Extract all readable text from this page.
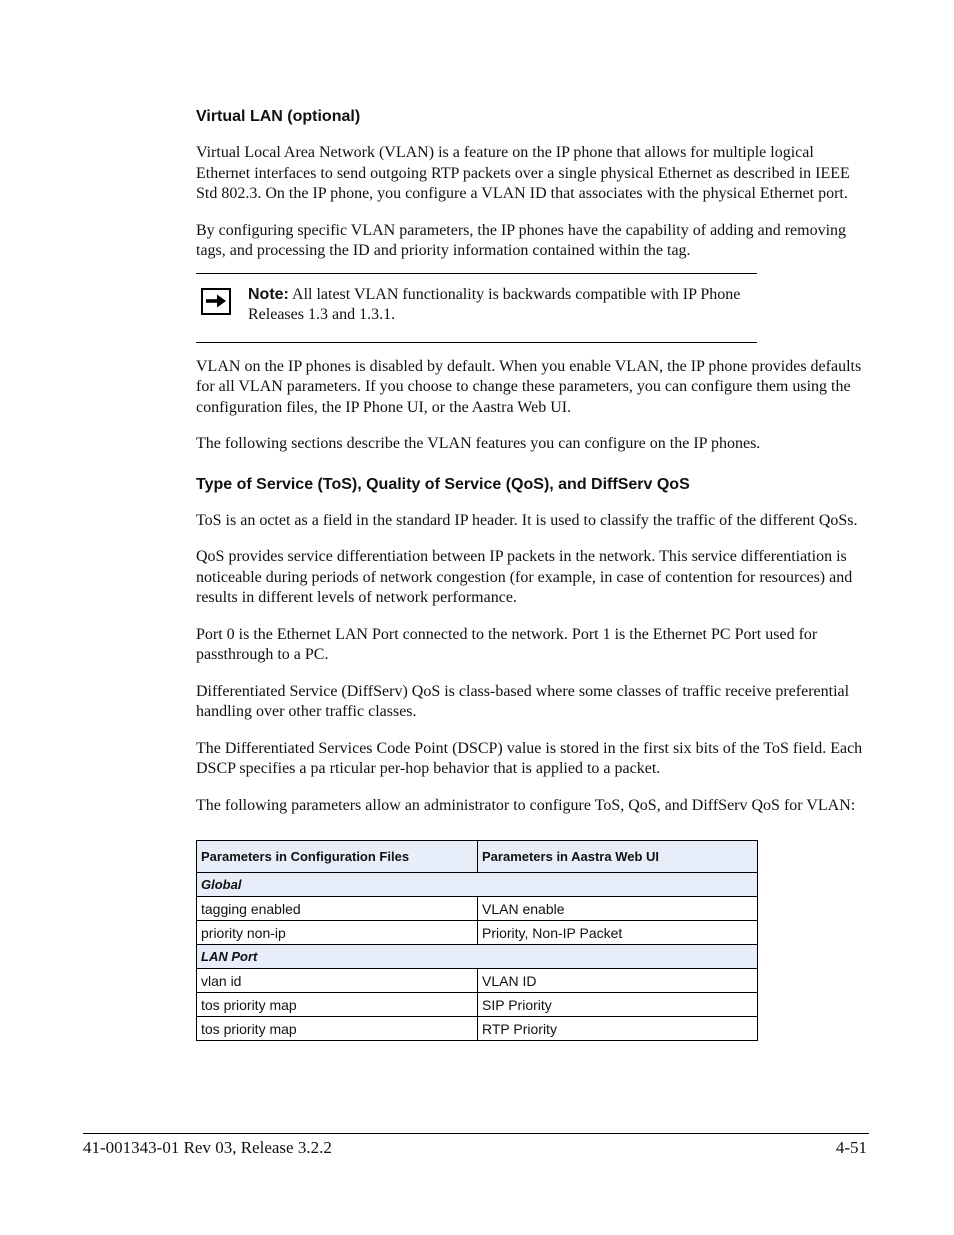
Virtual LAN (optional)

Virtual Local Area Network (VLAN) is a feature on the IP phone that allows for multiple logical Ethernet interfaces to send outgoing RTP packets over a single physical Ethernet as described in IEEE Std 802.3. On the IP phone, you configure a VLAN ID that associates with the physical Ethernet port.

By configuring specific VLAN parameters, the IP phones have the capability of adding and removing tags, and processing the ID and priority information contained within the tag.

Note: All latest VLAN functionality is backwards compatible with IP Phone Releases 1.3 and 1.3.1.

VLAN on the IP phones is disabled by default. When you enable VLAN, the IP phone provides defaults for all VLAN parameters. If you choose to change these parameters, you can configure them using the configuration files, the IP Phone UI, or the Aastra Web UI.

The following sections describe the VLAN features you can configure on the IP phones.

Type of Service (ToS), Quality of Service (QoS), and DiffServ QoS

ToS is an octet as a field in the standard IP header. It is used to classify the traffic of the different QoSs.

QoS provides service differentiation between IP packets in the network. This service differentiation is noticeable during periods of network congestion (for example, in case of contention for resources) and results in different levels of network performance.

Port 0 is the Ethernet LAN Port connected to the network. Port 1 is the Ethernet PC Port used for passthrough to a PC.

Differentiated Service (DiffServ) QoS is class-based where some classes of traffic receive preferential handling over other traffic classes.

The Differentiated Services Code Point (DSCP) value is stored in the first six bits of the ToS field. Each DSCP specifies a pa rticular per-hop behavior that is applied to a packet.

The following parameters allow an administrator to configure ToS, QoS, and DiffServ QoS for VLAN:

Parameters in Configuration Files	Parameters in Aastra Web UI
Global	
tagging enabled	VLAN enable
priority non-ip	Priority, Non-IP Packet
LAN Port	
vlan id	VLAN ID
tos priority map	SIP Priority
tos priority map	RTP Priority
41-001343-01 Rev 03, Release 3.2.2	4-51
